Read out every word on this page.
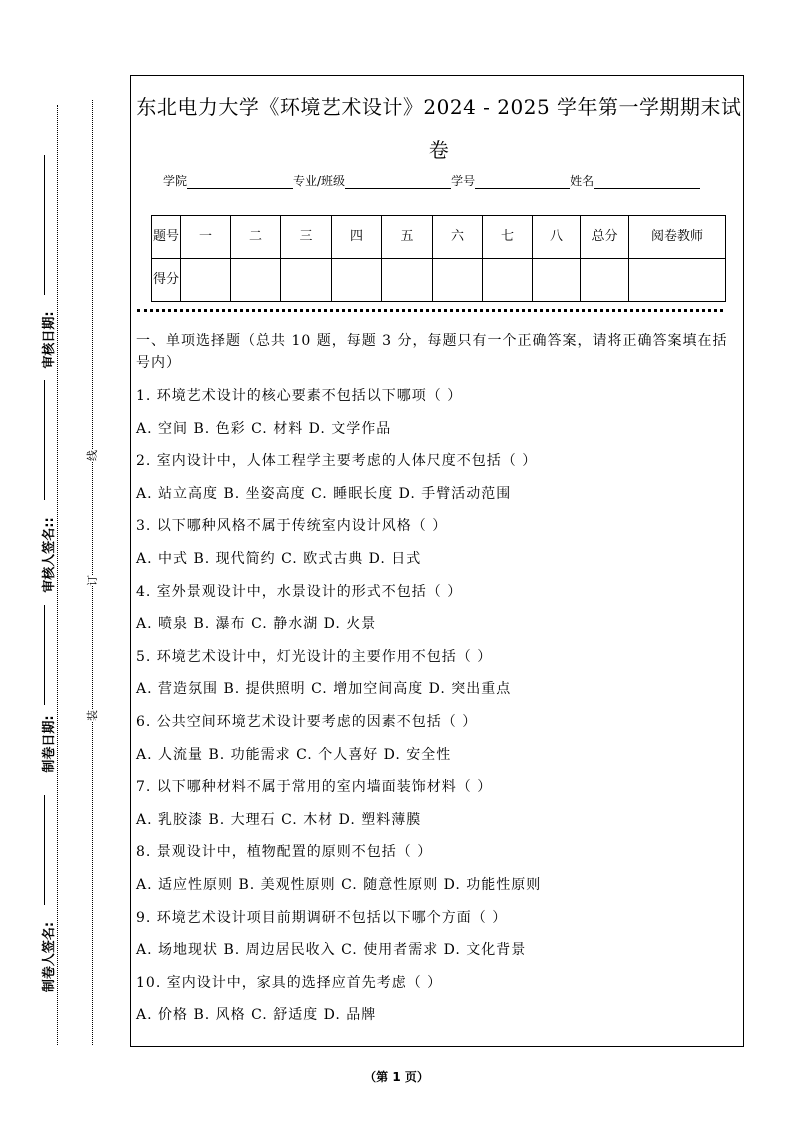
审核日期:
审核人签名::
制卷日期:
制卷人签名:
线
订
装
东北电力大学《环境艺术设计》2024 - 2025 学年第一学期期末试卷
学院	专业/班级	学号	姓名
题号	一	二	三	四	五	六	七	八	总分	阅卷教师
得分										
一、单项选择题（总共 10 题，每题 3 分，每题只有一个正确答案，请将正确答案填在括号内）
1. 环境艺术设计的核心要素不包括以下哪项（ ）
A. 空间 B. 色彩 C. 材料 D. 文学作品
2. 室内设计中，人体工程学主要考虑的人体尺度不包括（ ）
A. 站立高度 B. 坐姿高度 C. 睡眠长度 D. 手臂活动范围
3. 以下哪种风格不属于传统室内设计风格（ ）
A. 中式 B. 现代简约 C. 欧式古典 D. 日式
4. 室外景观设计中，水景设计的形式不包括（ ）
A. 喷泉 B. 瀑布 C. 静水湖 D. 火景
5. 环境艺术设计中，灯光设计的主要作用不包括（ ）
A. 营造氛围 B. 提供照明 C. 增加空间高度 D. 突出重点
6. 公共空间环境艺术设计要考虑的因素不包括（ ）
A. 人流量 B. 功能需求 C. 个人喜好 D. 安全性
7. 以下哪种材料不属于常用的室内墙面装饰材料（ ）
A. 乳胶漆 B. 大理石 C. 木材 D. 塑料薄膜
8. 景观设计中，植物配置的原则不包括（ ）
A. 适应性原则 B. 美观性原则 C. 随意性原则 D. 功能性原则
9. 环境艺术设计项目前期调研不包括以下哪个方面（ ）
A. 场地现状 B. 周边居民收入 C. 使用者需求 D. 文化背景
10. 室内设计中，家具的选择应首先考虑（ ）
A. 价格 B. 风格 C. 舒适度 D. 品牌
（第 1 页）
